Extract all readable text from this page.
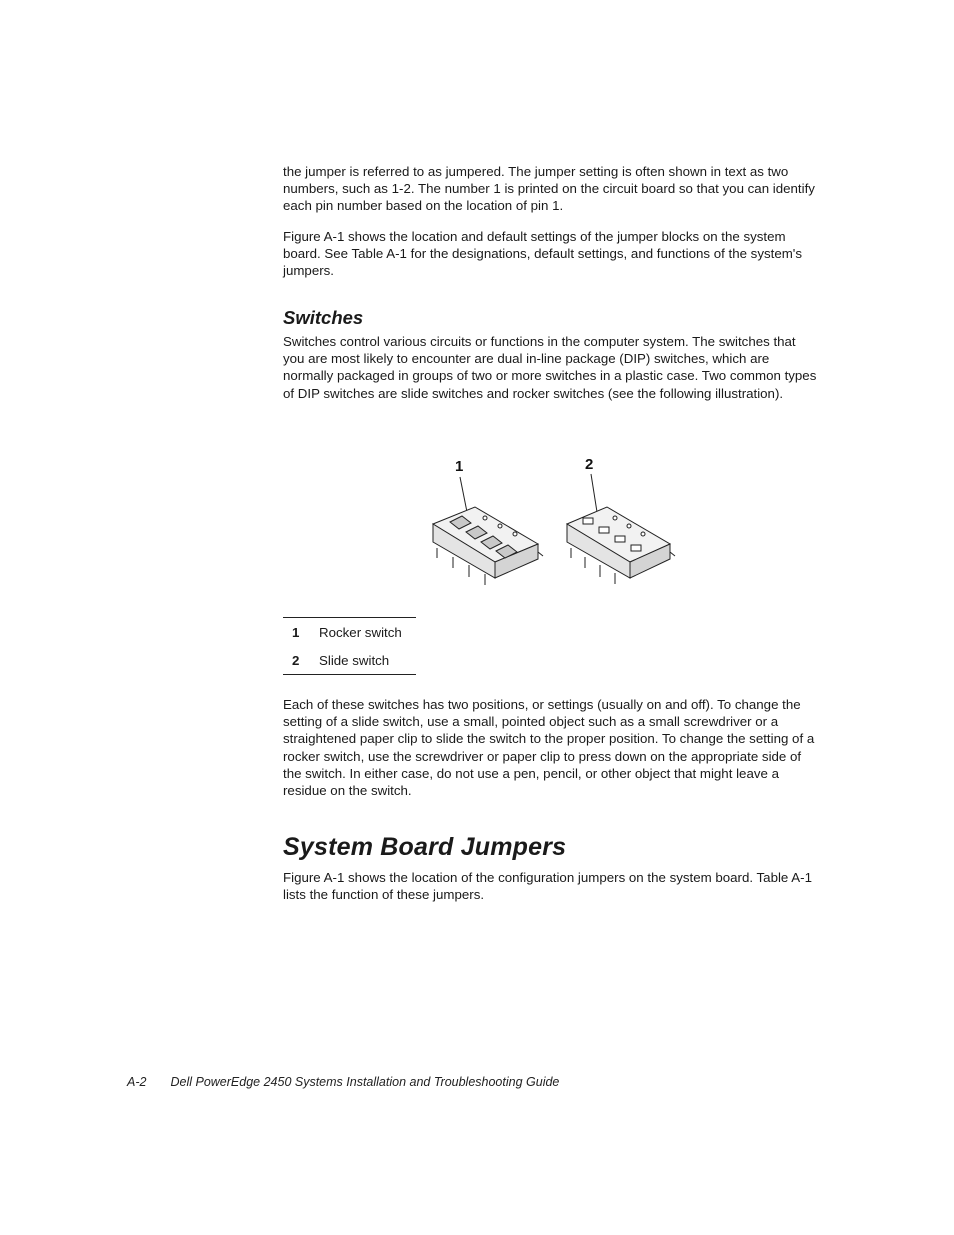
the jumper is referred to as jumpered. The jumper setting is often shown in text as two numbers, such as 1-2. The number 1 is printed on the circuit board so that you can identify each pin number based on the location of pin 1.

Figure A-1 shows the location and default settings of the jumper blocks on the system board. See Table A-1 for the designations, default settings, and functions of the system's jumpers.

Switches

Switches control various circuits or functions in the computer system. The switches that you are most likely to encounter are dual in-line package (DIP) switches, which are normally packaged in groups of two or more switches in a plastic case. Two common types of DIP switches are slide switches and rocker switches (see the following illustration).

1	2
1	Rocker switch
2	Slide switch

Each of these switches has two positions, or settings (usually on and off). To change the setting of a slide switch, use a small, pointed object such as a small screwdriver or a straightened paper clip to slide the switch to the proper position. To change the setting of a rocker switch, use the screwdriver or paper clip to press down on the appropriate side of the switch. In either case, do not use a pen, pencil, or other object that might leave a residue on the switch.

System Board Jumpers

Figure A-1 shows the location of the configuration jumpers on the system board. Table A-1 lists the function of these jumpers.

A-2 Dell PowerEdge 2450 Systems Installation and Troubleshooting Guide
